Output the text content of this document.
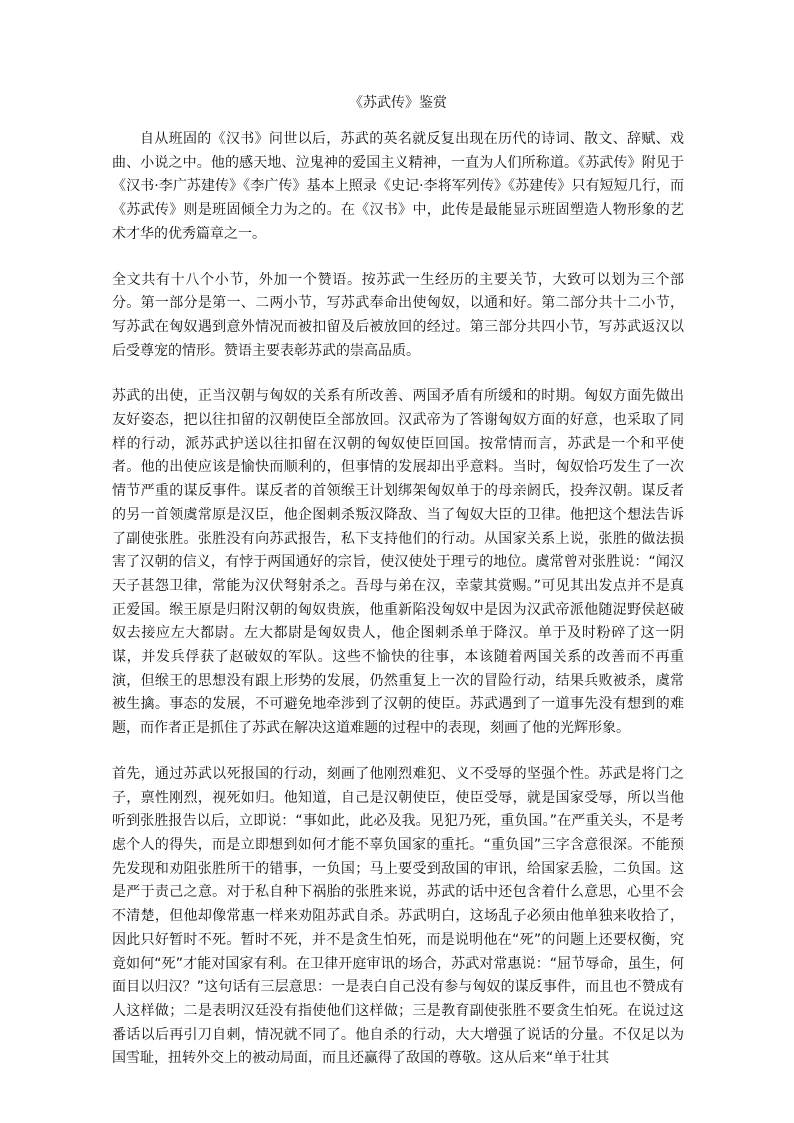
《苏武传》鉴赏

自从班固的《汉书》问世以后，苏武的英名就反复出现在历代的诗词、散文、辞赋、戏曲、小说之中。他的感天地、泣鬼神的爱国主义精神，一直为人们所称道。《苏武传》附见于《汉书·李广苏建传》《李广传》基本上照录《史记·李将军列传》《苏建传》只有短短几行，而《苏武传》则是班固倾全力为之的。在《汉书》中，此传是最能显示班固塑造人物形象的艺术才华的优秀篇章之一。

全文共有十八个小节，外加一个赞语。按苏武一生经历的主要关节，大致可以划为三个部分。第一部分是第一、二两小节，写苏武奉命出使匈奴，以通和好。第二部分共十二小节，写苏武在匈奴遇到意外情况而被扣留及后被放回的经过。第三部分共四小节，写苏武返汉以后受尊宠的情形。赞语主要表彰苏武的崇高品质。

苏武的出使，正当汉朝与匈奴的关系有所改善、两国矛盾有所缓和的时期。匈奴方面先做出友好姿态，把以往扣留的汉朝使臣全部放回。汉武帝为了答谢匈奴方面的好意，也采取了同样的行动，派苏武护送以往扣留在汉朝的匈奴使臣回国。按常情而言，苏武是一个和平使者。他的出使应该是愉快而顺利的，但事情的发展却出乎意料。当时，匈奴恰巧发生了一次情节严重的谋反事件。谋反者的首领缑王计划绑架匈奴单于的母亲阏氏，投奔汉朝。谋反者的另一首领虞常原是汉臣，他企图刺杀叛汉降敌、当了匈奴大臣的卫律。他把这个想法告诉了副使张胜。张胜没有向苏武报告，私下支持他们的行动。从国家关系上说，张胜的做法损害了汉朝的信义，有悖于两国通好的宗旨，使汉使处于理亏的地位。虞常曾对张胜说：“闻汉天子甚怨卫律，常能为汉伏弩射杀之。吾母与弟在汉，幸蒙其赏赐。”可见其出发点并不是真正爱国。缑王原是归附汉朝的匈奴贵族，他重新陷没匈奴中是因为汉武帝派他随浞野侯赵破奴去接应左大都尉。左大都尉是匈奴贵人，他企图刺杀单于降汉。单于及时粉碎了这一阴谋，并发兵俘获了赵破奴的军队。这些不愉快的往事，本该随着两国关系的改善而不再重演，但缑王的思想没有跟上形势的发展，仍然重复上一次的冒险行动，结果兵败被杀，虞常被生擒。事态的发展，不可避免地牵涉到了汉朝的使臣。苏武遇到了一道事先没有想到的难题，而作者正是抓住了苏武在解决这道难题的过程中的表现，刻画了他的光辉形象。

首先，通过苏武以死报国的行动，刻画了他刚烈难犯、义不受辱的坚强个性。苏武是将门之子，禀性刚烈，视死如归。他知道，自己是汉朝使臣，使臣受辱，就是国家受辱，所以当他听到张胜报告以后，立即说：“事如此，此必及我。见犯乃死，重负国。”在严重关头，不是考虑个人的得失，而是立即想到如何才能不辜负国家的重托。“重负国”三字含意很深。不能预先发现和劝阻张胜所干的错事，一负国；马上要受到敌国的审讯，给国家丢脸，二负国。这是严于责己之意。对于私自种下祸胎的张胜来说，苏武的话中还包含着什么意思，心里不会不清楚，但他却像常惠一样来劝阻苏武自杀。苏武明白，这场乱子必须由他单独来收拾了，因此只好暂时不死。暂时不死，并不是贪生怕死，而是说明他在“死”的问题上还要权衡，究竟如何“死”才能对国家有利。在卫律开庭审讯的场合，苏武对常惠说：“屈节辱命，虽生，何面目以归汉？”这句话有三层意思：一是表白自己没有参与匈奴的谋反事件，而且也不赞成有人这样做；二是表明汉廷没有指使他们这样做；三是教育副使张胜不要贪生怕死。在说过这番话以后再引刀自刺，情况就不同了。他自杀的行动，大大增强了说话的分量。不仅足以为国雪耻，扭转外交上的被动局面，而且还赢得了敌国的尊敬。这从后来“单于壮其
